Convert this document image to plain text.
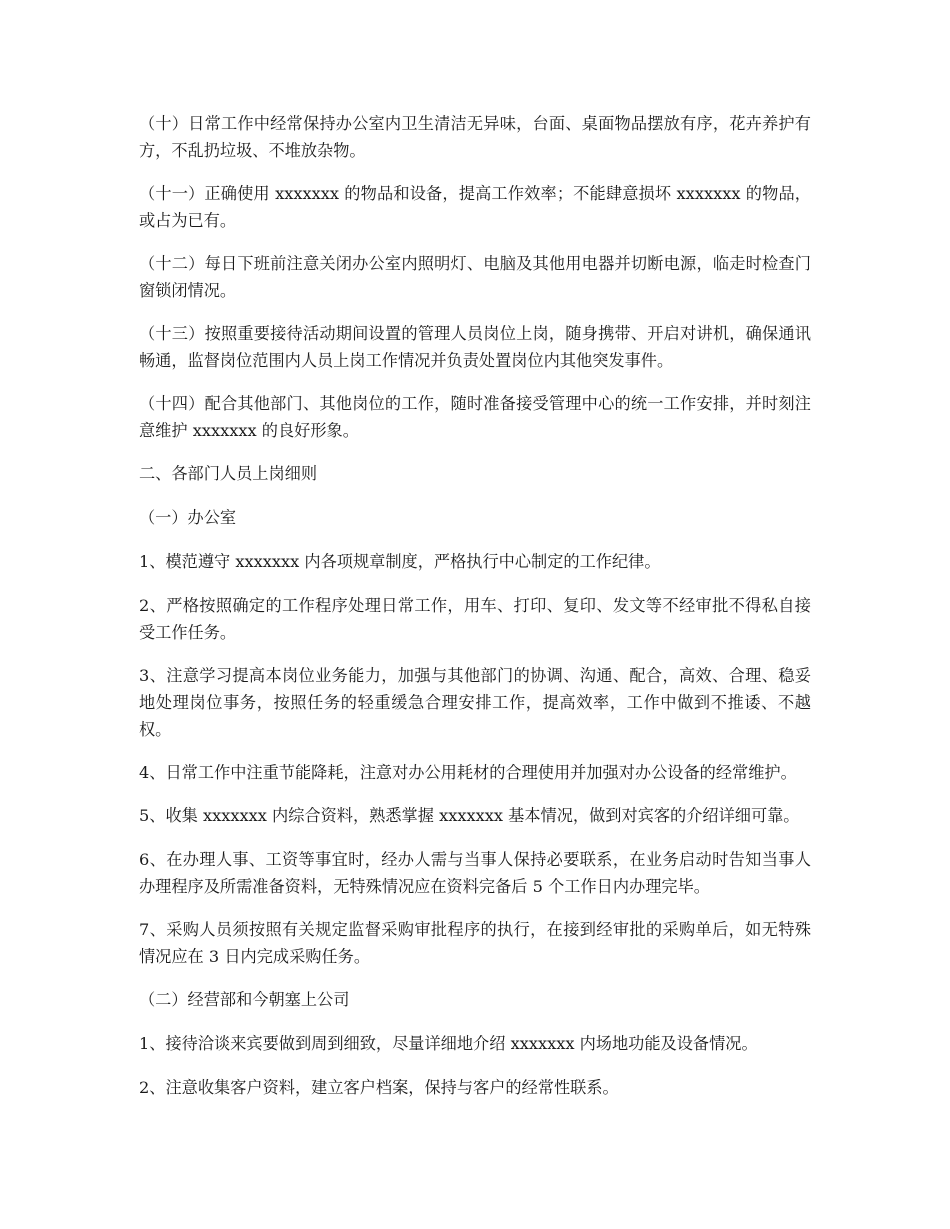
（十）日常工作中经常保持办公室内卫生清洁无异味，台面、桌面物品摆放有序，花卉养护有方，不乱扔垃圾、不堆放杂物。

（十一）正确使用 xxxxxxx 的物品和设备，提高工作效率；不能肆意损坏 xxxxxxx 的物品，或占为已有。

（十二）每日下班前注意关闭办公室内照明灯、电脑及其他用电器并切断电源，临走时检查门窗锁闭情况。

（十三）按照重要接待活动期间设置的管理人员岗位上岗，随身携带、开启对讲机，确保通讯畅通，监督岗位范围内人员上岗工作情况并负责处置岗位内其他突发事件。

（十四）配合其他部门、其他岗位的工作，随时准备接受管理中心的统一工作安排，并时刻注意维护 xxxxxxx 的良好形象。

二、各部门人员上岗细则

（一）办公室

1、模范遵守 xxxxxxx 内各项规章制度，严格执行中心制定的工作纪律。

2、严格按照确定的工作程序处理日常工作，用车、打印、复印、发文等不经审批不得私自接受工作任务。

3、注意学习提高本岗位业务能力，加强与其他部门的协调、沟通、配合，高效、合理、稳妥地处理岗位事务，按照任务的轻重缓急合理安排工作，提高效率，工作中做到不推诿、不越权。

4、日常工作中注重节能降耗，注意对办公用耗材的合理使用并加强对办公设备的经常维护。

5、收集 xxxxxxx 内综合资料，熟悉掌握 xxxxxxx 基本情况，做到对宾客的介绍详细可靠。

6、在办理人事、工资等事宜时，经办人需与当事人保持必要联系，在业务启动时告知当事人办理程序及所需准备资料，无特殊情况应在资料完备后 5 个工作日内办理完毕。

7、采购人员须按照有关规定监督采购审批程序的执行，在接到经审批的采购单后，如无特殊情况应在 3 日内完成采购任务。

（二）经营部和今朝塞上公司

1、接待洽谈来宾要做到周到细致，尽量详细地介绍 xxxxxxx 内场地功能及设备情况。

2、注意收集客户资料，建立客户档案，保持与客户的经常性联系。
